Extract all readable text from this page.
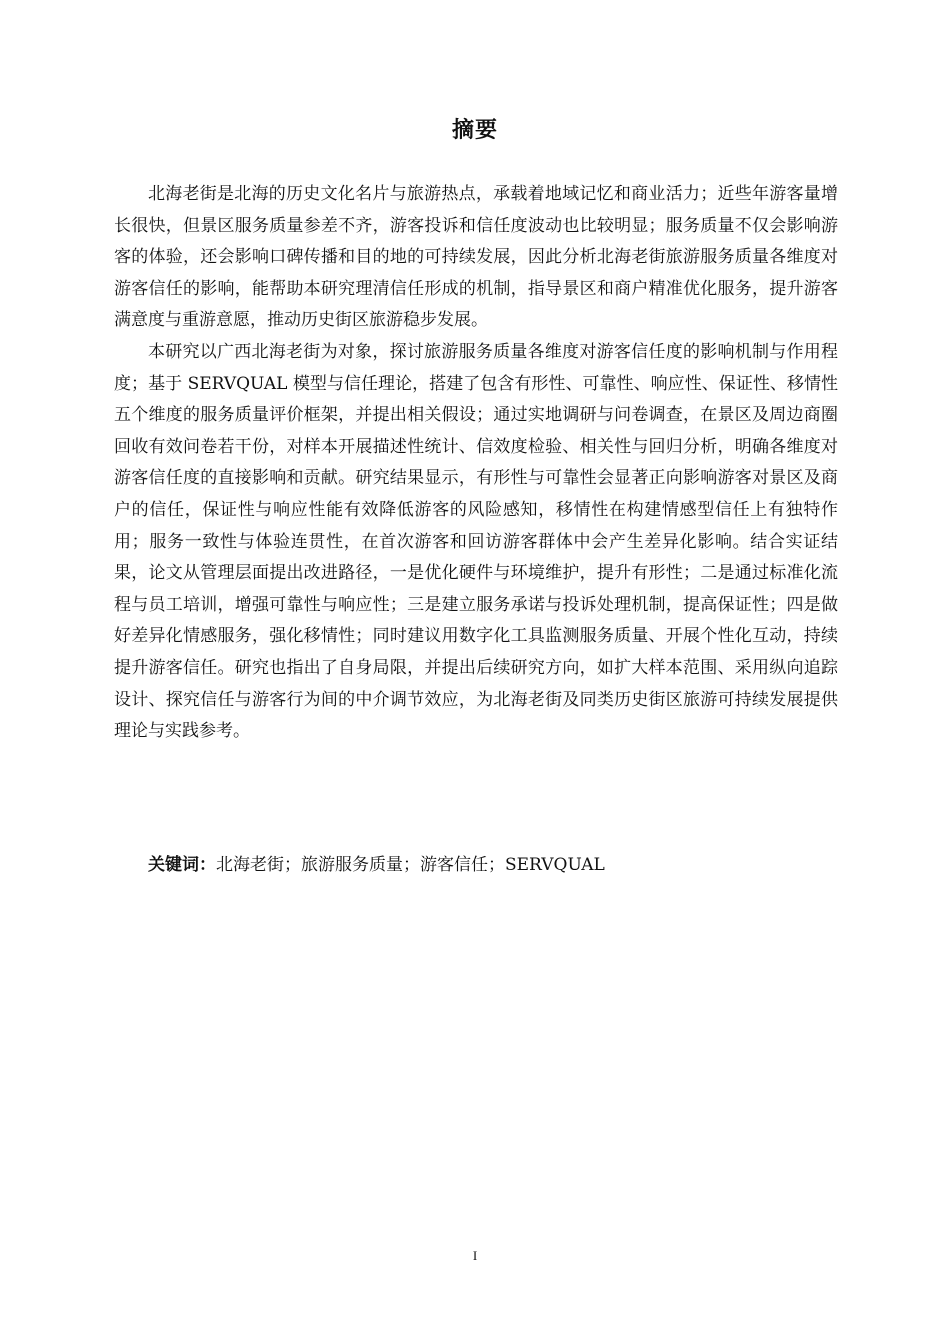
摘要

北海老街是北海的历史文化名片与旅游热点，承载着地域记忆和商业活力；近些年游客量增长很快，但景区服务质量参差不齐，游客投诉和信任度波动也比较明显；服务质量不仅会影响游客的体验，还会影响口碑传播和目的地的可持续发展，因此分析北海老街旅游服务质量各维度对游客信任的影响，能帮助本研究理清信任形成的机制，指导景区和商户精准优化服务，提升游客满意度与重游意愿，推动历史街区旅游稳步发展。

本研究以广西北海老街为对象，探讨旅游服务质量各维度对游客信任度的影响机制与作用程度；基于 SERVQUAL 模型与信任理论，搭建了包含有形性、可靠性、响应性、保证性、移情性五个维度的服务质量评价框架，并提出相关假设；通过实地调研与问卷调查，在景区及周边商圈回收有效问卷若干份，对样本开展描述性统计、信效度检验、相关性与回归分析，明确各维度对游客信任度的直接影响和贡献。研究结果显示，有形性与可靠性会显著正向影响游客对景区及商户的信任，保证性与响应性能有效降低游客的风险感知，移情性在构建情感型信任上有独特作用；服务一致性与体验连贯性，在首次游客和回访游客群体中会产生差异化影响。结合实证结果，论文从管理层面提出改进路径，一是优化硬件与环境维护，提升有形性；二是通过标准化流程与员工培训，增强可靠性与响应性；三是建立服务承诺与投诉处理机制，提高保证性；四是做好差异化情感服务，强化移情性；同时建议用数字化工具监测服务质量、开展个性化互动，持续提升游客信任。研究也指出了自身局限，并提出后续研究方向，如扩大样本范围、采用纵向追踪设计、探究信任与游客行为间的中介调节效应，为北海老街及同类历史街区旅游可持续发展提供理论与实践参考。

关键词：北海老街；旅游服务质量；游客信任；SERVQUAL
I
